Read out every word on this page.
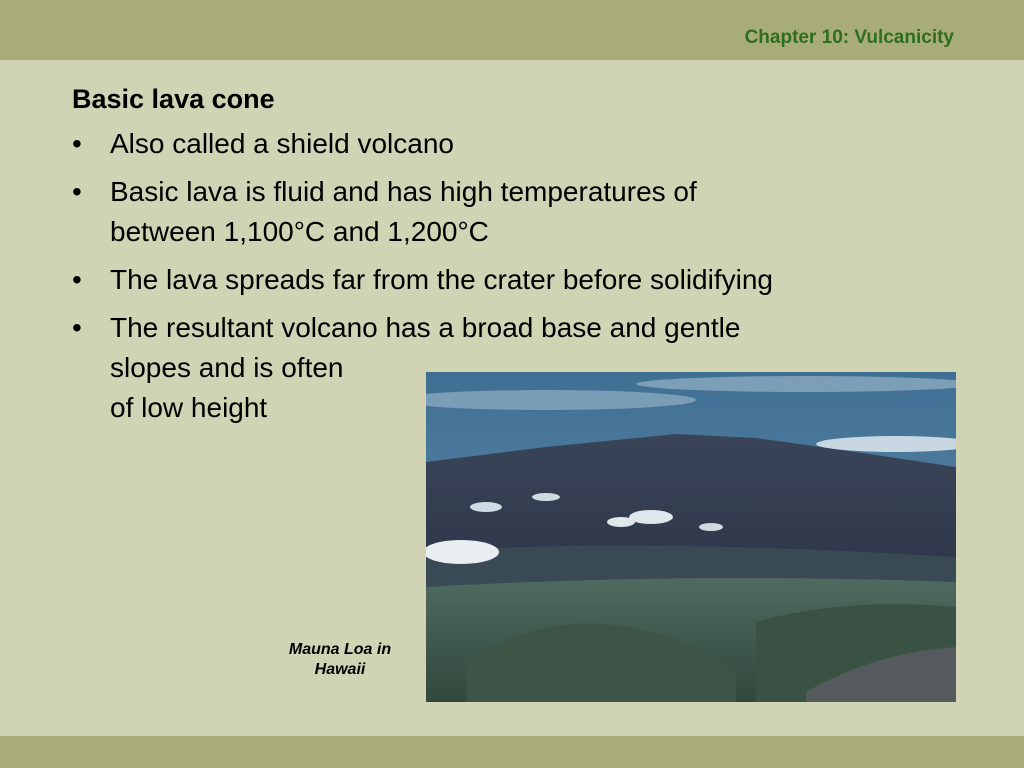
Chapter 10: Vulcanicity
Basic lava cone
•	Also called a shield volcano
•	Basic lava is fluid and has high temperatures of
between 1,100°C and 1,200°C
•	The lava spreads far from the crater before solidifying
•	The resultant volcano has a broad base and gentle
slopes and is often
of low height
Mauna Loa in Hawaii
